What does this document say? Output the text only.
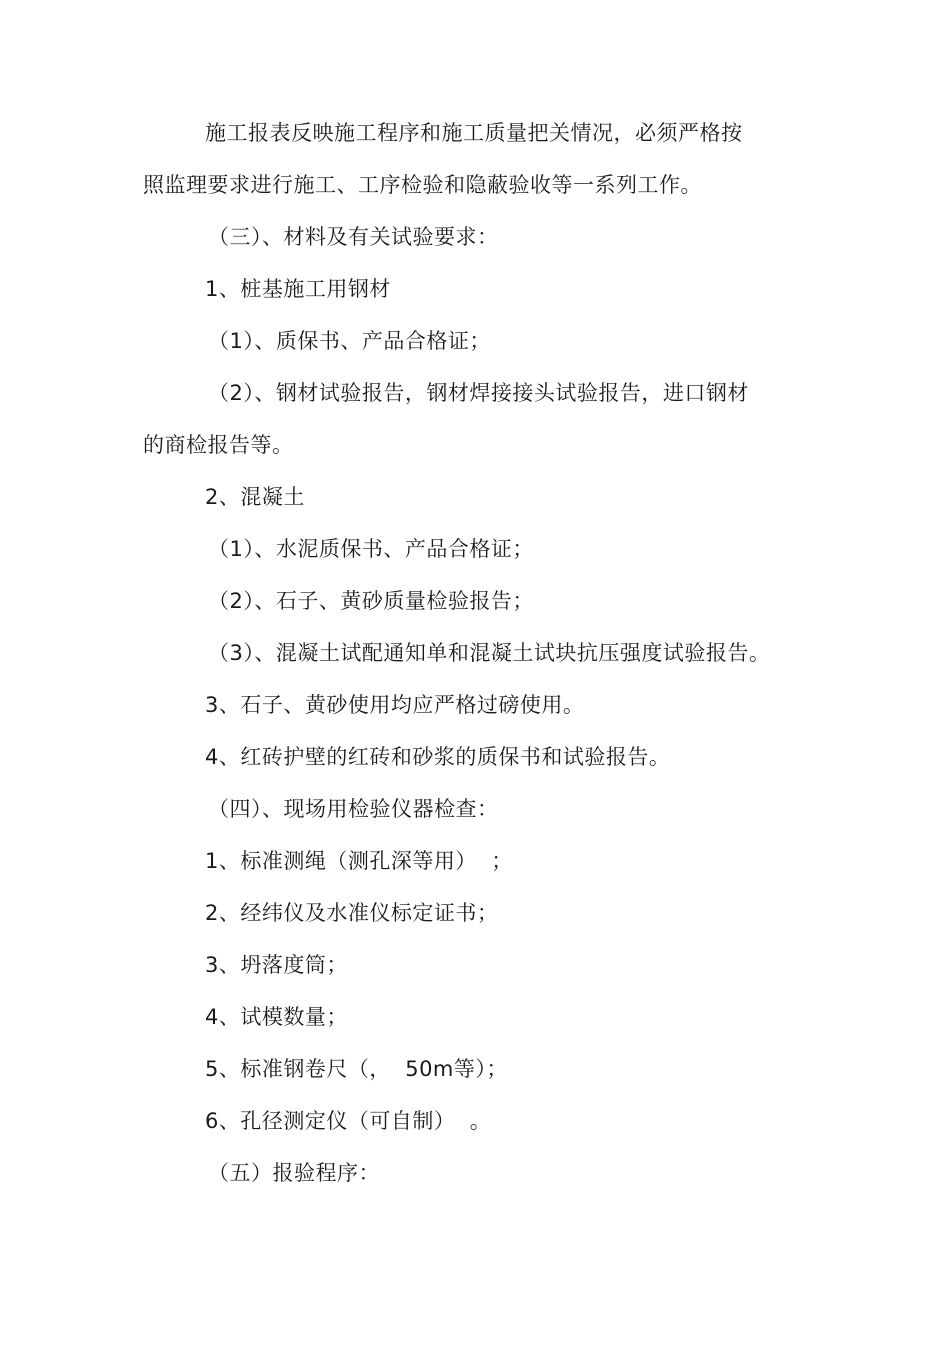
施工报表反映施工程序和施工质量把关情况，必须严格按
照监理要求进行施工、工序检验和隐蔽验收等一系列工作。
（三）、材料及有关试验要求：
1、桩基施工用钢材
（1）、质保书、产品合格证；
（2）、钢材试验报告，钢材焊接接头试验报告，进口钢材
的商检报告等。
2、混凝土
（1）、水泥质保书、产品合格证；
（2）、石子、黄砂质量检验报告；
（3）、混凝土试配通知单和混凝土试块抗压强度试验报告。
3、石子、黄砂使用均应严格过磅使用。
4、红砖护壁的红砖和砂浆的质保书和试验报告。
（四）、现场用检验仪器检查：
1、标准测绳（测孔深等用）  ；
2、经纬仪及水准仪标定证书；
3、坍落度筒；
4、试模数量；
5、标准钢卷尺（，  50m等）；
6、孔径测定仪（可自制）  。
（五）报验程序：
